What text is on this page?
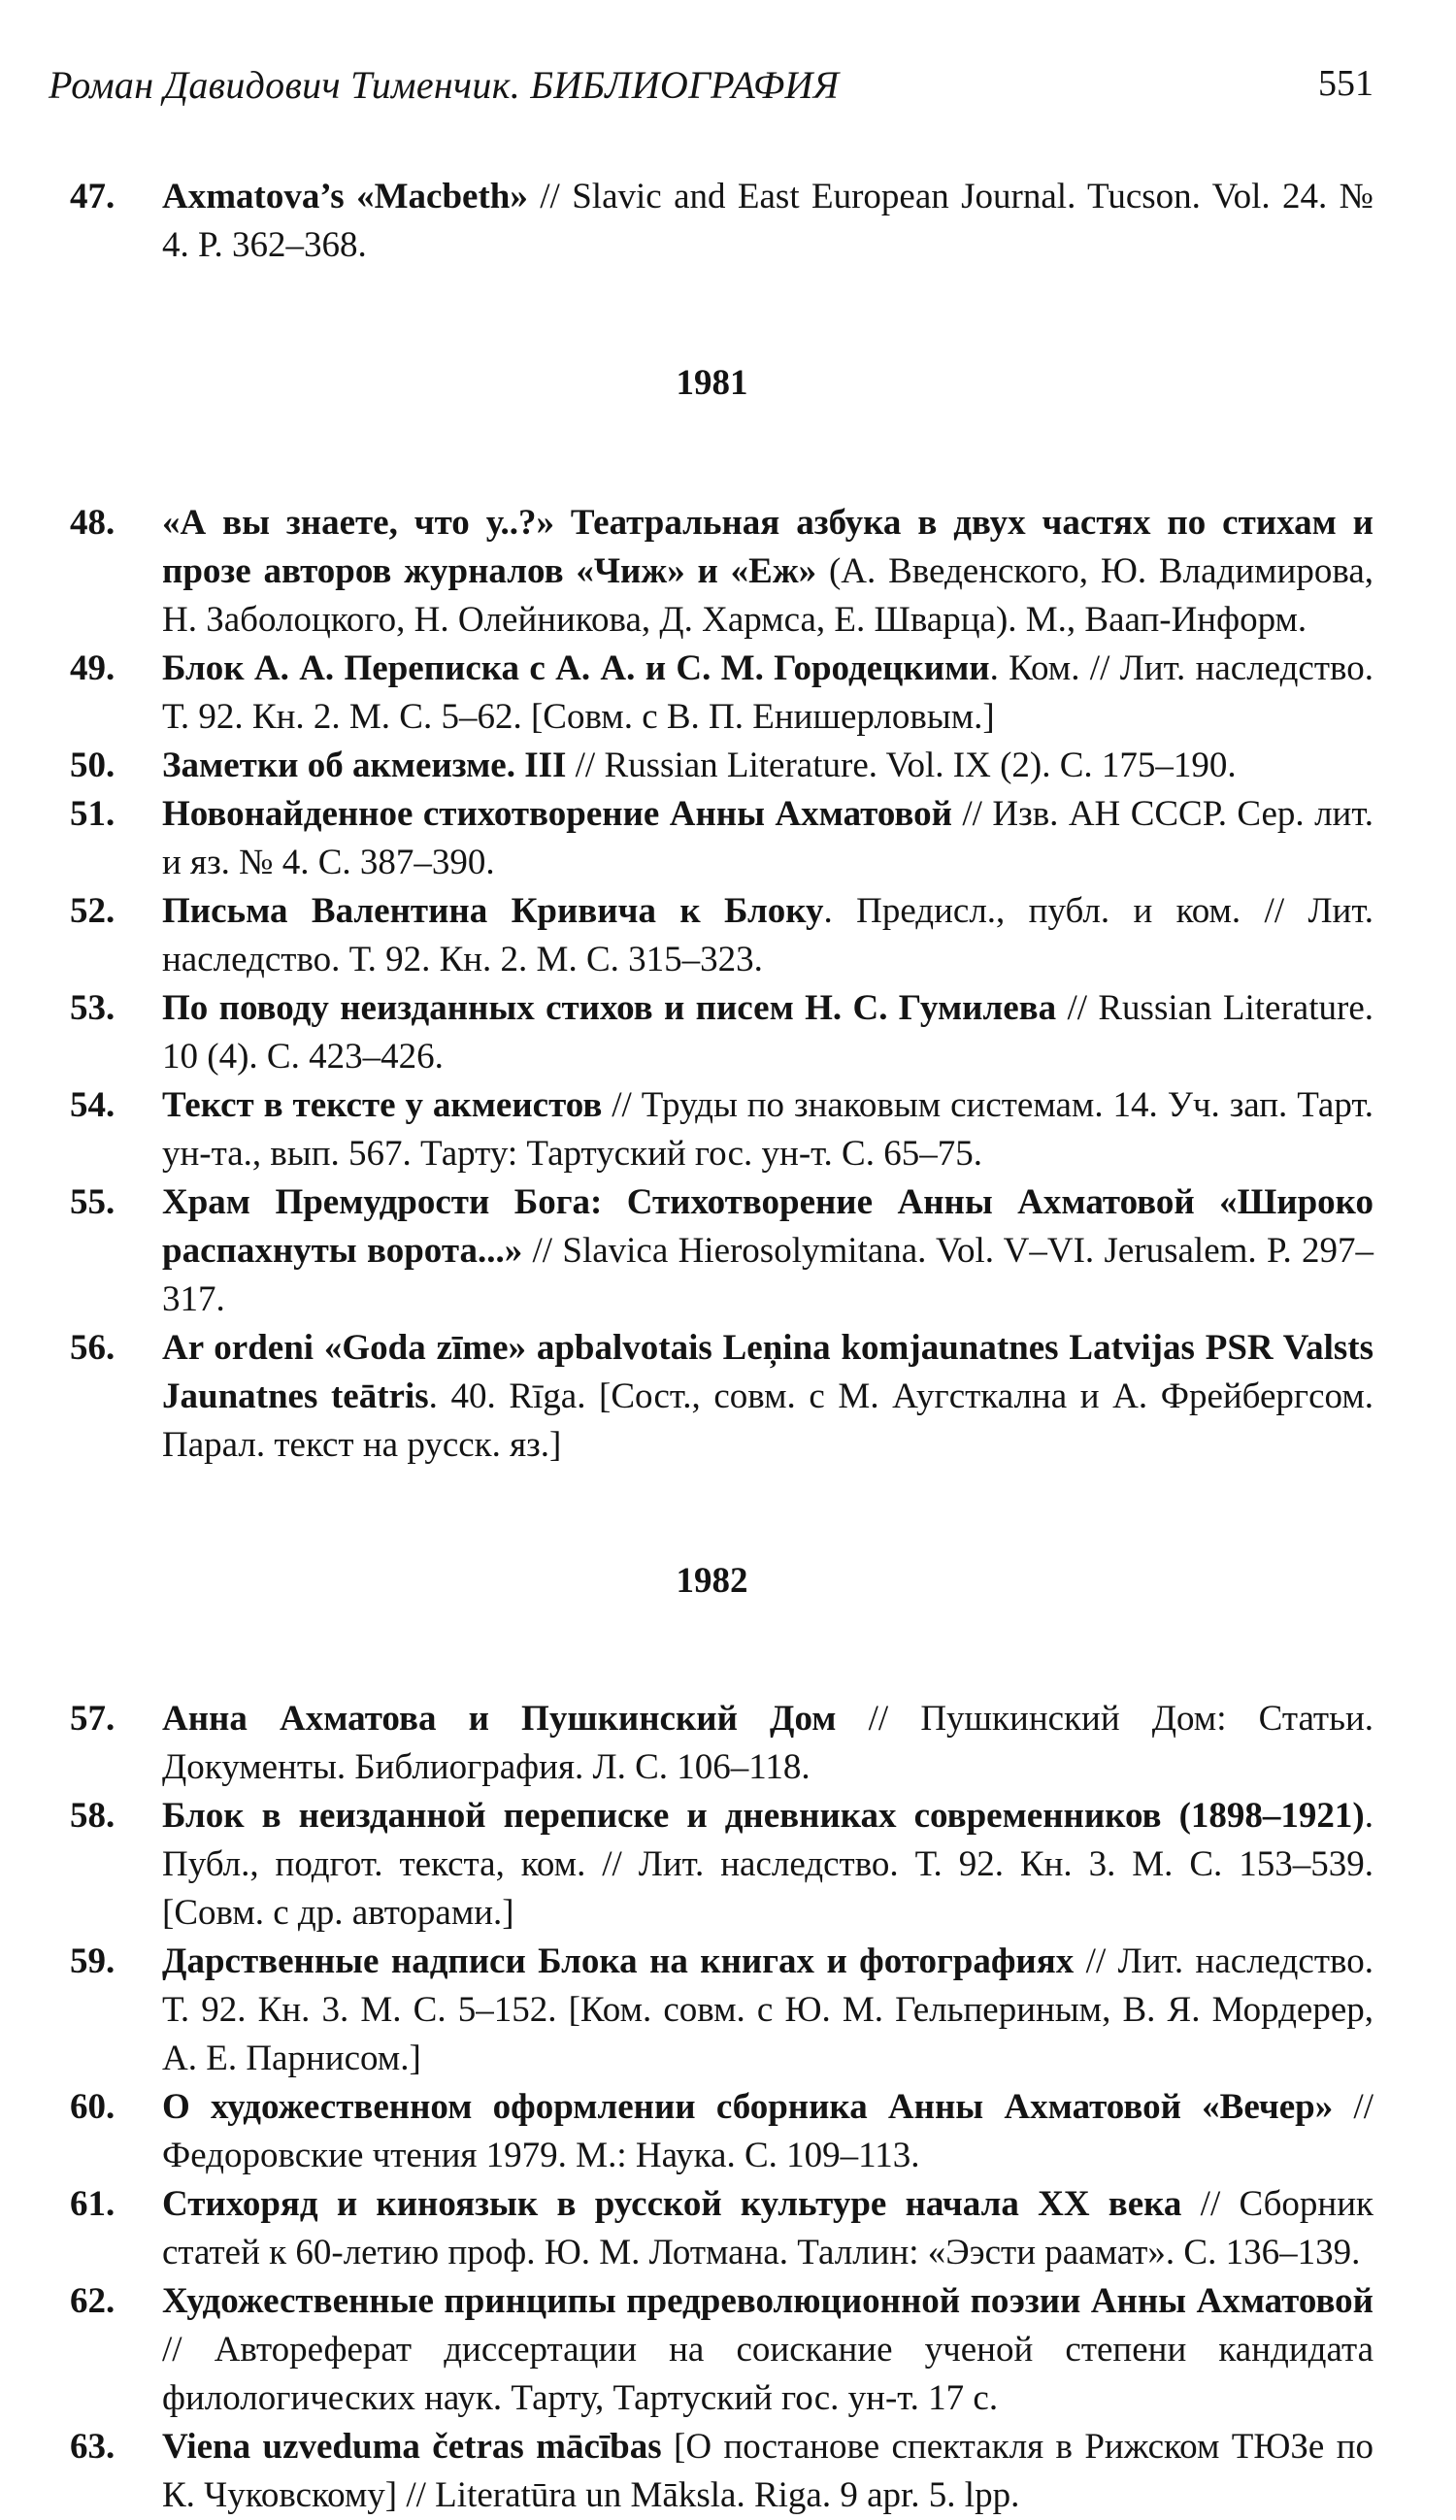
Роман Давидович Тименчик. БИБЛИОГРАФИЯ	551
47.	Axmatova’s «Macbeth» // Slavic and East European Journal. Tucson. Vol. 24. № 4. P. 362–368.
1981
48.	«А вы знаете, что у..?» Театральная азбука в двух частях по стихам и прозе авторов журналов «Чиж» и «Еж» (А. Введенского, Ю. Владимирова, Н. Заболоцкого, Н. Олейникова, Д. Хармса, Е. Шварца). М., Ваап-Информ.
49.	Блок А. А. Переписка с А. А. и С. М. Городецкими. Ком. // Лит. наследство. Т. 92. Кн. 2. М. С. 5–62. [Совм. с В. П. Енишерловым.]
50.	Заметки об акмеизме. III // Russian Literature. Vol. IX (2). С. 175–190.
51.	Новонайденное стихотворение Анны Ахматовой // Изв. АН СССР. Сер. лит. и яз. № 4. С. 387–390.
52.	Письма Валентина Кривича к Блоку. Предисл., публ. и ком. // Лит. наследство. Т. 92. Кн. 2. М. С. 315–323.
53.	По поводу неизданных стихов и писем Н. С. Гумилева // Russian Literature. 10 (4). С. 423–426.
54.	Текст в тексте у акмеистов // Труды по знаковым системам. 14. Уч. зап. Тарт. ун-та., вып. 567. Тарту: Тартуский гос. ун-т. С. 65–75.
55.	Храм Премудрости Бога: Стихотворение Анны Ахматовой «Широко распахнуты ворота...» // Slavica Hierosolymitana. Vol. V–VI. Jerusalem. P. 297–317.
56.	Ar ordeni «Goda zīme» apbalvotais Leņina komjaunatnes Latvijas PSR Valsts Jaunatnes teātris. 40. Rīga. [Сост., совм. с М. Аугсткална и А. Фрейбергсом. Парал. текст на русск. яз.]
1982
57.	Анна Ахматова и Пушкинский Дом // Пушкинский Дом: Статьи. Документы. Библиография. Л. С. 106–118.
58.	Блок в неизданной переписке и дневниках современников (1898–1921). Публ., подгот. текста, ком. // Лит. наследство. Т. 92. Кн. 3. М. С. 153–539. [Совм. с др. авторами.]
59.	Дарственные надписи Блока на книгах и фотографиях // Лит. наследство. Т. 92. Кн. 3. М. С. 5–152. [Ком. совм. с Ю. М. Гельпериным, В. Я. Мордерер, А. Е. Парнисом.]
60.	О художественном оформлении сборника Анны Ахматовой «Вечер» // Федоровские чтения 1979. М.: Наука. С. 109–113.
61.	Стихоряд и киноязык в русской культуре начала XX века // Сборник статей к 60-летию проф. Ю. М. Лотмана. Таллин: «Ээсти раамат». С. 136–139.
62.	Художественные принципы предреволюционной поэзии Анны Ахматовой // Автореферат диссертации на соискание ученой степени кандидата филологических наук. Тарту, Тартуский гос. ун-т. 17 с.
63.	Viena uzveduma četras mācības [О постанове спектакля в Рижском ТЮЗе по К. Чуковскому] // Literatūra un Māksla. Riga. 9 apr. 5. lpp.
